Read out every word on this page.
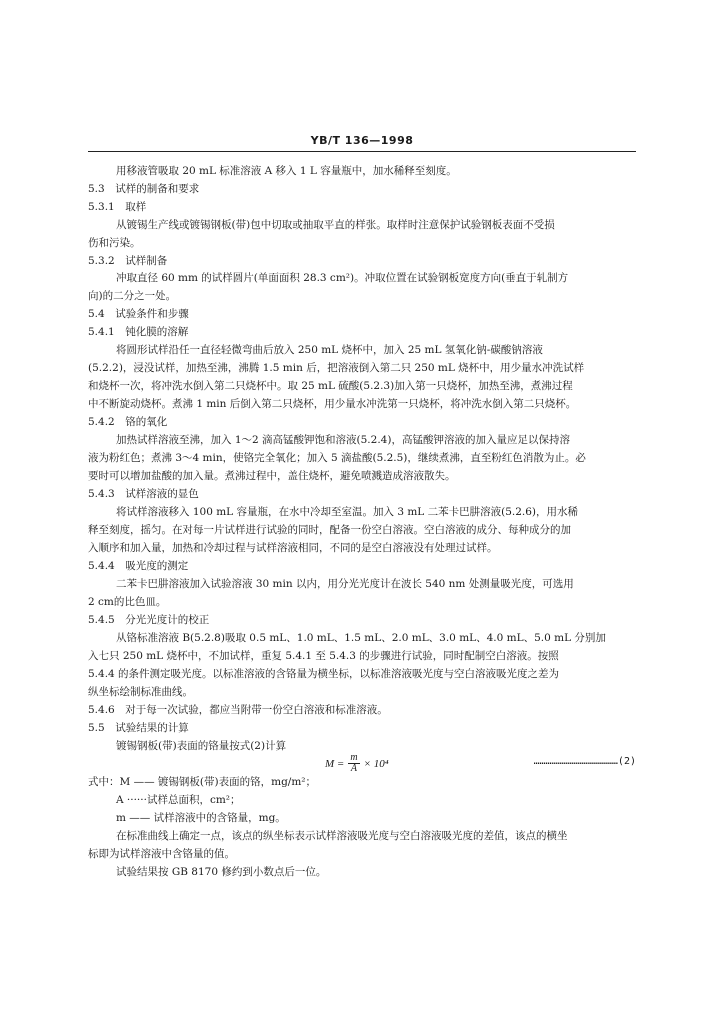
YB/T 136—1998
用移液管吸取 20 mL 标准溶液 A 移入 1 L 容量瓶中，加水稀释至刻度。
5.3　试样的制备和要求
5.3.1　取样
从镀锡生产线或镀锡钢板(带)包中切取或抽取平直的样张。取样时注意保护试验钢板表面不受损
伤和污染。
5.3.2　试样制备
冲取直径 60 mm 的试样圆片(单面面积 28.3 cm²)。冲取位置在试验钢板宽度方向(垂直于轧制方
向)的二分之一处。
5.4　试验条件和步骤
5.4.1　钝化膜的溶解
将圆形试样沿任一直径轻微弯曲后放入 250 mL 烧杯中，加入 25 mL 氢氧化钠-碳酸钠溶液
(5.2.2)，浸没试样，加热至沸，沸腾 1.5 min 后，把溶液倒入第二只 250 mL 烧杯中，用少量水冲洗试样
和烧杯一次，将冲洗水倒入第二只烧杯中。取 25 mL 硫酸(5.2.3)加入第一只烧杯，加热至沸，煮沸过程
中不断旋动烧杯。煮沸 1 min 后倒入第二只烧杯，用少量水冲洗第一只烧杯，将冲洗水倒入第二只烧杯。
5.4.2　铬的氧化
加热试样溶液至沸，加入 1～2 滴高锰酸钾饱和溶液(5.2.4)，高锰酸钾溶液的加入量应足以保持溶
液为粉红色；煮沸 3～4 min，使铬完全氧化；加入 5 滴盐酸(5.2.5)，继续煮沸，直至粉红色消散为止。必
要时可以增加盐酸的加入量。煮沸过程中，盖住烧杯，避免喷溅造成溶液散失。
5.4.3　试样溶液的显色
将试样溶液移入 100 mL 容量瓶，在水中冷却至室温。加入 3 mL 二苯卡巴肼溶液(5.2.6)，用水稀
释至刻度，摇匀。在对每一片试样进行试验的同时，配备一份空白溶液。空白溶液的成分、每种成分的加
入顺序和加入量，加热和冷却过程与试样溶液相同，不同的是空白溶液没有处理过试样。
5.4.4　吸光度的测定
二苯卡巴肼溶液加入试验溶液 30 min 以内，用分光光度计在波长 540 nm 处测量吸光度，可选用
2 cm的比色皿。
5.4.5　分光光度计的校正
从铬标准溶液 B(5.2.8)吸取 0.5 mL、1.0 mL、1.5 mL、2.0 mL、3.0 mL、4.0 mL、5.0 mL 分别加
入七只 250 mL 烧杯中，不加试样，重复 5.4.1 至 5.4.3 的步骤进行试验，同时配制空白溶液。按照
5.4.4 的条件测定吸光度。以标准溶液的含铬量为横坐标，以标准溶液吸光度与空白溶液吸光度之差为
纵坐标绘制标准曲线。
5.4.6　对于每一次试验，都应当附带一份空白溶液和标准溶液。
5.5　试验结果的计算
镀锡钢板(带)表面的铬量按式(2)计算
式中：M —— 镀锡钢板(带)表面的铬，mg/m²；
A ······试样总面积，cm²；
m —— 试样溶液中的含铬量，mg。
在标准曲线上确定一点，该点的纵坐标表示试样溶液吸光度与空白溶液吸光度的差值，该点的横坐
标即为试样溶液中含铬量的值。
试验结果按 GB 8170 修约到小数点后一位。
$M = \frac{m}{A} \times 10^4$	……………………………………(2)
